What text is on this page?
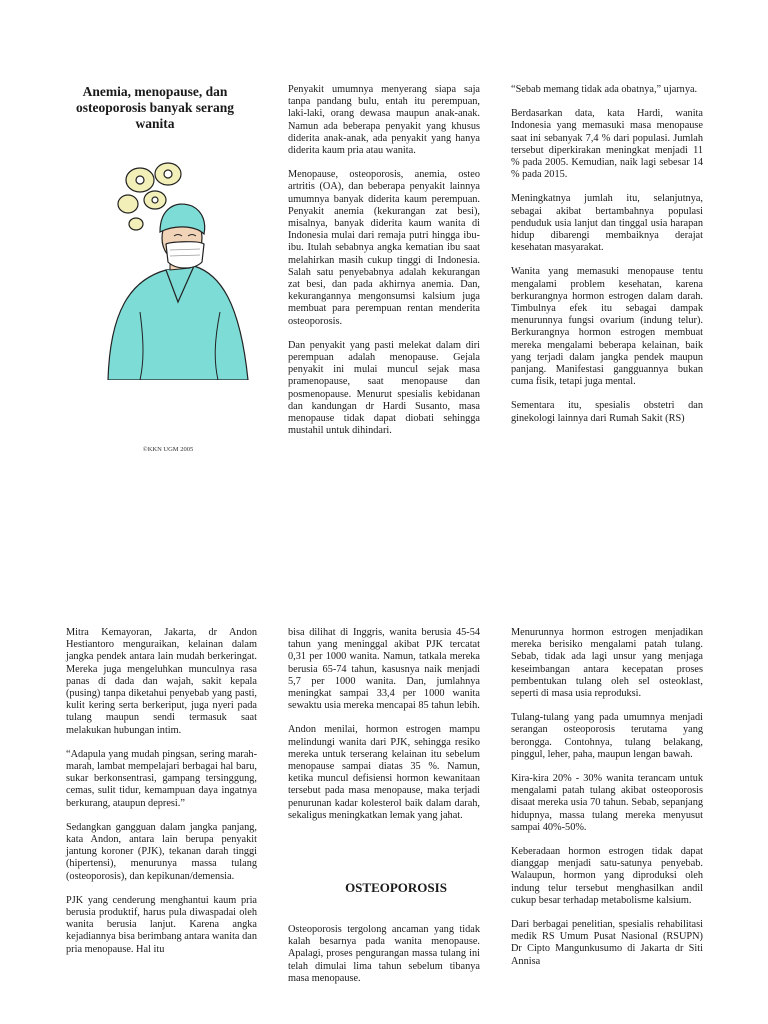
Anemia, menopause, dan osteoporosis banyak serang wanita
©KKN UGM 2005

Penyakit umumnya menyerang siapa saja tanpa pandang bulu, entah itu perempuan, laki-laki, orang dewasa maupun anak-anak. Namun ada beberapa penyakit yang khusus diderita anak-anak, ada penyakit yang hanya diderita kaum pria atau wanita.

Menopause, osteoporosis, anemia, osteo artritis (OA), dan beberapa penyakit lainnya umumnya banyak diderita kaum perempuan. Penyakit anemia (kekurangan zat besi), misalnya, banyak diderita kaum wanita di Indonesia mulai dari remaja putri hingga ibu-ibu. Itulah sebabnya angka kematian ibu saat melahirkan masih cukup tinggi di Indonesia. Salah satu penyebabnya adalah kekurangan zat besi, dan pada akhirnya anemia. Dan, kekurangannya mengonsumsi kalsium juga membuat para perempuan rentan menderita osteoporosis.

Dan penyakit yang pasti melekat dalam diri perempuan adalah menopause. Gejala penyakit ini mulai muncul sejak masa pramenopause, saat menopause dan posmenopause. Menurut spesialis kebidanan dan kandungan dr Hardi Susanto, masa menopause tidak dapat diobati sehingga mustahil untuk dihindari.

“Sebab memang tidak ada obatnya,” ujarnya.

Berdasarkan data, kata Hardi, wanita Indonesia yang memasuki masa menopause saat ini sebanyak 7,4 % dari populasi. Jumlah tersebut diperkirakan meningkat menjadi 11 % pada 2005. Kemudian, naik lagi sebesar 14 % pada 2015.

Meningkatnya jumlah itu, selanjutnya, sebagai akibat bertambahnya populasi penduduk usia lanjut dan tinggal usia harapan hidup dibarengi membaiknya derajat kesehatan masyarakat.

Wanita yang memasuki menopause tentu mengalami problem kesehatan, karena berkurangnya hormon estrogen dalam darah. Timbulnya efek itu sebagai dampak menurunnya fungsi ovarium (indung telur). Berkurangnya hormon estrogen membuat mereka mengalami beberapa kelainan, baik yang terjadi dalam jangka pendek maupun panjang. Manifestasi gangguannya bukan cuma fisik, tetapi juga mental.

Sementara itu, spesialis obstetri dan ginekologi lainnya dari Rumah Sakit (RS)

Mitra Kemayoran, Jakarta, dr Andon Hestiantoro menguraikan, kelainan dalam jangka pendek antara lain mudah berkeringat. Mereka juga mengeluhkan munculnya rasa panas di dada dan wajah, sakit kepala (pusing) tanpa diketahui penyebab yang pasti, kulit kering serta berkeriput, juga nyeri pada tulang maupun sendi termasuk saat melakukan hubungan intim.

“Adapula yang mudah pingsan, sering marah-marah, lambat mempelajari berbagai hal baru, sukar berkonsentrasi, gampang tersinggung, cemas, sulit tidur, kemampuan daya ingatnya berkurang, ataupun depresi.”

Sedangkan gangguan dalam jangka panjang, kata Andon, antara lain berupa penyakit jantung koroner (PJK), tekanan darah tinggi (hipertensi), menurunya massa tulang (osteoporosis), dan kepikunan/demensia.

PJK yang cenderung menghantui kaum pria berusia produktif, harus pula diwaspadai oleh wanita berusia lanjut. Karena angka kejadiannya bisa berimbang antara wanita dan pria menopause. Hal itu

bisa dilihat di Inggris, wanita berusia 45-54 tahun yang meninggal akibat PJK tercatat 0,31 per 1000 wanita. Namun, tatkala mereka berusia 65-74 tahun, kasusnya naik menjadi 5,7 per 1000 wanita. Dan, jumlahnya meningkat sampai 33,4 per 1000 wanita sewaktu usia mereka mencapai 85 tahun lebih.

Andon menilai, hormon estrogen mampu melindungi wanita dari PJK, sehingga resiko mereka untuk terserang kelainan itu sebelum menopause sampai diatas 35 %. Namun, ketika muncul defisiensi hormon kewanitaan tersebut pada masa menopause, maka terjadi penurunan kadar kolesterol baik dalam darah, sekaligus meningkatkan lemak yang jahat.

OSTEOPOROSIS

Osteoporosis tergolong ancaman yang tidak kalah besarnya pada wanita menopause. Apalagi, proses pengurangan massa tulang ini telah dimulai lima tahun sebelum tibanya masa menopause.

Menurunnya hormon estrogen menjadikan mereka berisiko mengalami patah tulang. Sebab, tidak ada lagi unsur yang menjaga keseimbangan antara kecepatan proses pembentukan tulang oleh sel osteoklast, seperti di masa usia reproduksi.

Tulang-tulang yang pada umumnya menjadi serangan osteoporosis terutama yang berongga. Contohnya, tulang belakang, pinggul, leher, paha, maupun lengan bawah.

Kira-kira 20% - 30% wanita terancam untuk mengalami patah tulang akibat osteoporosis disaat mereka usia 70 tahun. Sebab, sepanjang hidupnya, massa tulang mereka menyusut sampai 40%-50%.

Keberadaan hormon estrogen tidak dapat dianggap menjadi satu-satunya penyebab. Walaupun, hormon yang diproduksi oleh indung telur tersebut menghasilkan andil cukup besar terhadap metabolisme kalsium.

Dari berbagai penelitian, spesialis rehabilitasi medik RS Umum Pusat Nasional (RSUPN) Dr Cipto Mangunkusumo di Jakarta dr Siti Annisa
